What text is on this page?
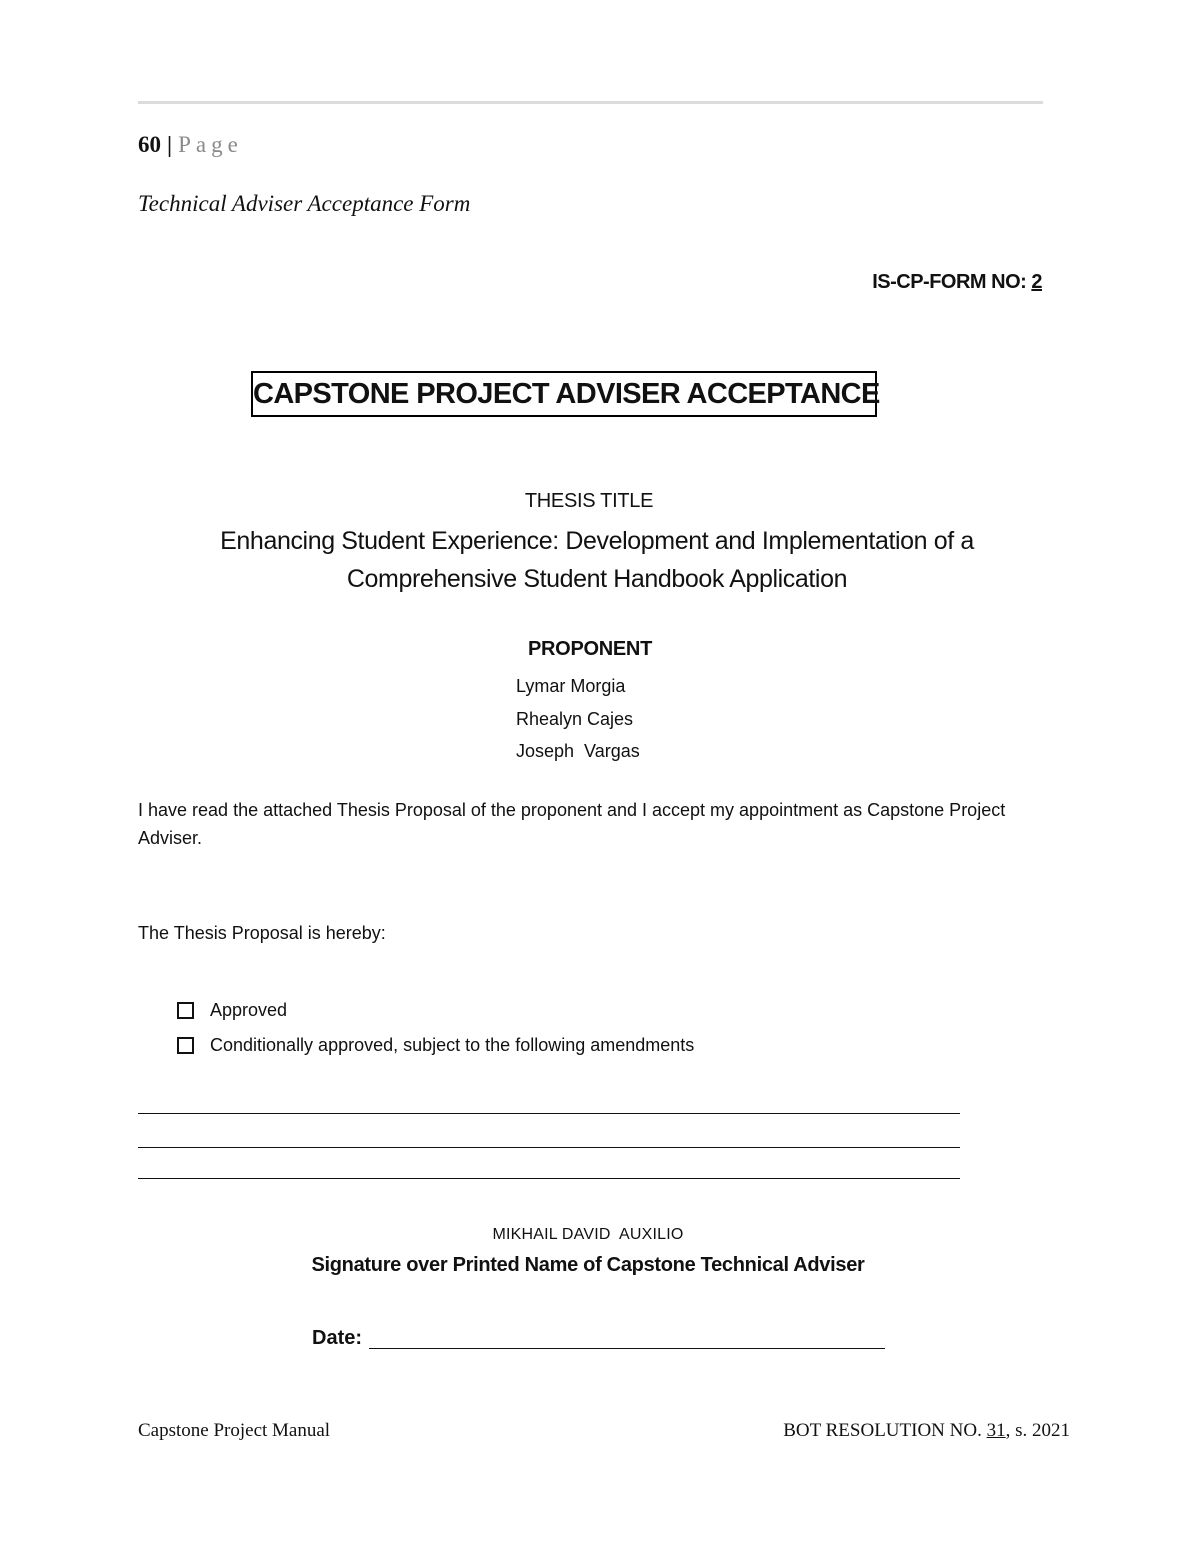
60 | Page
Technical Adviser Acceptance Form
IS-CP-FORM NO: 2
CAPSTONE PROJECT ADVISER ACCEPTANCE
THESIS TITLE
Enhancing Student Experience: Development and Implementation of a
Comprehensive Student Handbook Application
PROPONENT
Lymar Morgia
Rhealyn Cajes
Joseph  Vargas
I have read the attached Thesis Proposal of the proponent and I accept my appointment as Capstone Project Adviser.
The Thesis Proposal is hereby:
Approved
Conditionally approved, subject to the following amendments
MIKHAIL DAVID  AUXILIO
Signature over Printed Name of Capstone Technical Adviser
Date:
Capstone Project Manual	BOT RESOLUTION NO. 31, s. 2021
